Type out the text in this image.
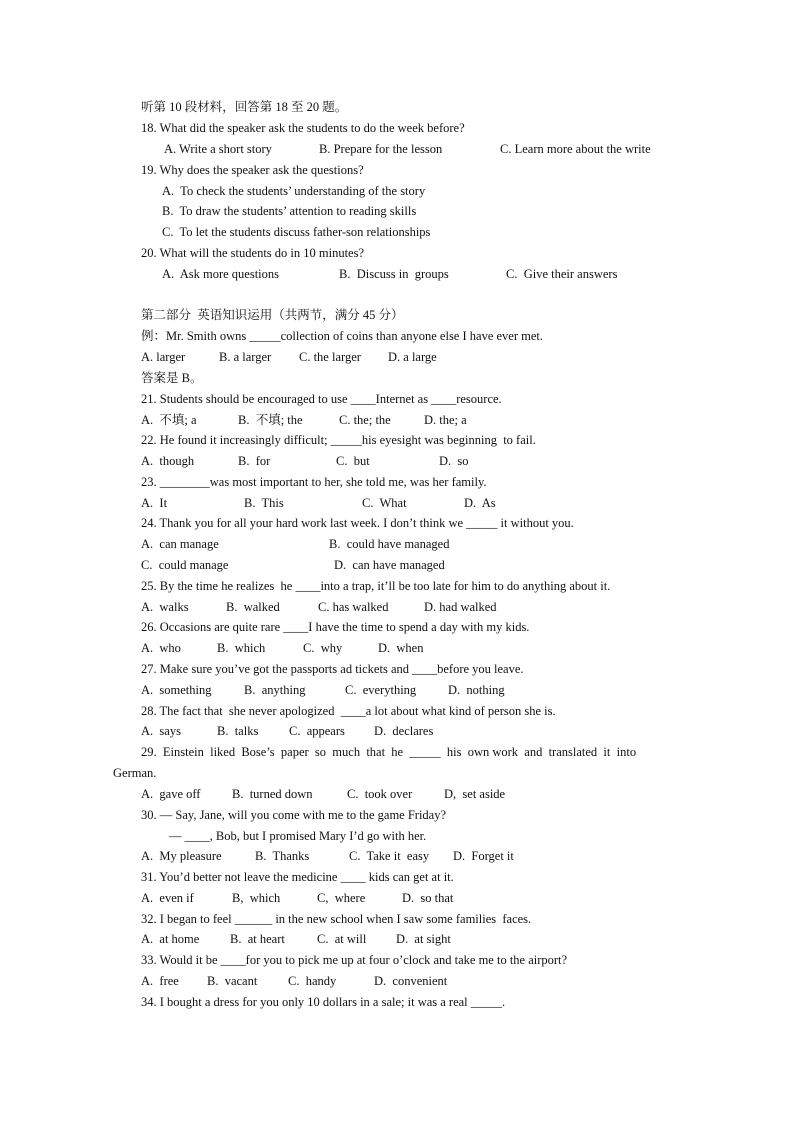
听第 10 段材料，回答第 18 至 20 题。
18. What did the speaker ask the students to do the week before?
A. Write a short story	B. Prepare for the lesson	C. Learn more about the write
19. Why does the speaker ask the questions?
A.  To check the students’ understanding of the story
B.  To draw the students’ attention to reading skills
C.  To let the students discuss father-son relationships
20. What will the students do in 10 minutes?
A.  Ask more questions	B.  Discuss in  groups	C.  Give their answers
第二部分  英语知识运用（共两节，满分 45 分）
例：Mr. Smith owns _____collection of coins than anyone else I have ever met.
A. larger	B. a larger C. the larger D. a large
答案是 B。
21. Students should be encouraged to use ____Internet as ____resource.
A.  不填; a	B.  不填; the	C. the; the	D. the; a
22. He found it increasingly difficult; _____his eyesight was beginning  to fail.
A.  though	B.  for	C.  but	D.  so
23. ________was most important to her, she told me, was her family.
A.  It	B.  This	C.  What	D.  As
24. Thank you for all your hard work last week. I don’t think we _____ it without you.
A.  can manage	B.  could have managed
C.  could manage	D.  can have managed
25. By the time he realizes  he ____into a trap, it’ll be too late for him to do anything about it.
A.  walks	B.  walked	C. has walked	D. had walked
26. Occasions are quite rare ____I have the time to spend a day with my kids.
A.  who	B.  which	C.  why	D.  when
27. Make sure you’ve got the passports ad tickets and ____before you leave.
A.  something	B.  anything	C.  everything	D.  nothing
28. The fact that  she never apologized  ____a lot about what kind of person she is.
A.  says	B.  talks C.  appears D.  declares
29.  Einstein  liked  Bose’s  paper  so  much  that  he  _____  his  own work  and  translated  it  into
German.
A.  gave off	B.  turned down	C.  took over	D,  set aside
30. — Say, Jane, will you come with me to the game Friday?
— ____, Bob, but I promised Mary I’d go with her.
A.  My pleasure	B.  Thanks	C.  Take it  easy D.  Forget it
31. You’d better not leave the medicine ____ kids can get at it.
A.  even if	B,  which	C,  where	D.  so that
32. I began to feel ______ in the new school when I saw some families  faces.
A.  at home B.  at heart	C.  at will D.  at sight
33. Would it be ____for you to pick me up at four o’clock and take me to the airport?
A.  free B.  vacant C.  handy	D.  convenient
34. I bought a dress for you only 10 dollars in a sale; it was a real _____.
